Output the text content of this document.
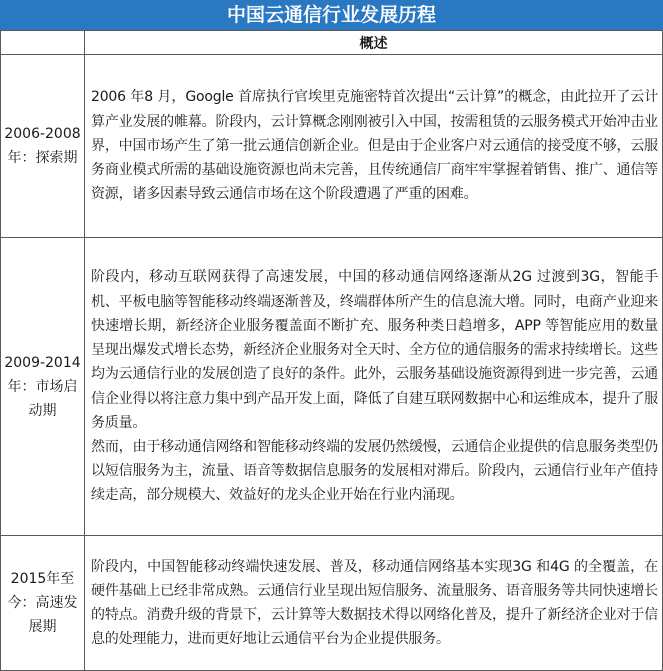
中国云通信行业发展历程
	概述
2006-2008年：探索期	2006 年8 月，Google 首席执行官埃里克施密特首次提出“云计算”的概念，由此拉开了云计算产业发展的帷幕。阶段内，云计算概念刚刚被引入中国，按需租赁的云服务模式开始冲击业界，中国市场产生了第一批云通信创新企业。但是由于企业客户对云通信的接受度不够，云服务商业模式所需的基础设施资源也尚未完善，且传统通信厂商牢牢掌握着销售、推广、通信等资源，诸多因素导致云通信市场在这个阶段遭遇了严重的困难。

2009-2014年：市场启动期	阶段内，移动互联网获得了高速发展，中国的移动通信网络逐渐从2G 过渡到3G，智能手机、平板电脑等智能移动终端逐渐普及，终端群体所产生的信息流大增。同时，电商产业迎来快速增长期，新经济企业服务覆盖面不断扩充、服务种类日趋增多，APP 等智能应用的数量呈现出爆发式增长态势，新经济企业服务对全天时、全方位的通信服务的需求持续增长。这些均为云通信行业的发展创造了良好的条件。此外，云服务基础设施资源得到进一步完善，云通信企业得以将注意力集中到产品开发上面，降低了自建互联网数据中心和运维成本，提升了服务质量。

然而，由于移动通信网络和智能移动终端的发展仍然缓慢，云通信企业提供的信息服务类型仍以短信服务为主，流量、语音等数据信息服务的发展相对滞后。阶段内，云通信行业年产值持续走高，部分规模大、效益好的龙头企业开始在行业内涌现。

2015年至今：高速发展期	阶段内，中国智能移动终端快速发展、普及，移动通信网络基本实现3G 和4G 的全覆盖，在硬件基础上已经非常成熟。云通信行业呈现出短信服务、流量服务、语音服务等共同快速增长的特点。消费升级的背景下，云计算等大数据技术得以网络化普及，提升了新经济企业对于信息的处理能力，进而更好地让云通信平台为企业提供服务。
